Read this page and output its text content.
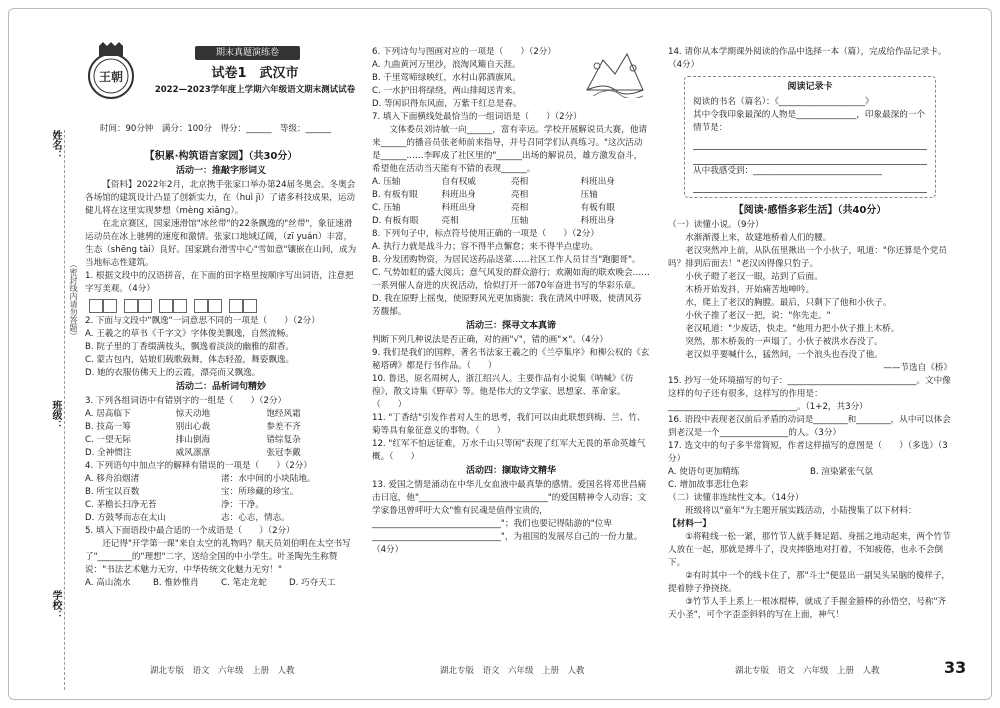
姓名：
（密封线内请勿答题）
班级：
学校：
王朝
期末真题演练卷
试卷1　武汉市
2022—2023学年度上学期六年级语文期末测试试卷
时间：90分钟　满分：100分　得分：______　等级：______
【积累·构筑语言家园】（共30分）
活动一：推敲字形词义

【资料】2022年2月，北京携手张家口举办第24届冬奥会。冬奥会各场馆的建筑设计凸显了创新实力，在（huì jì）了诸多科技成果，运动健儿将在这里实现梦想（mèng xiǎng）。

在北京赛区，国家速滑馆"冰丝带"的22条飘逸的"丝带"，象征速滑运动员在冰上驰骋的速度和激情。张家口地域辽阔，（zī yuán）丰富，生态（shēng tài）良好。国家跳台滑雪中心"雪如意"镶嵌在山间，成为当地标志性建筑。

1. 根据文段中的汉语拼音，在下面的田字格里按顺序写出词语，注意把字写美观。（4分）

2. 下面与文段中"飘逸"一词意思不同的一项是（　　）（2分）

A. 王羲之的草书《千字文》字体俊美飘逸，自然流畅。

B. 院子里的丁香缀满枝头，飘逸着淡淡的幽雅的甜香。

C. 蒙古包内，姑娘们载歌载舞，体态轻盈，舞姿飘逸。

D. 她的衣服仿佛天上的云霞，漂亮而又飘逸。

活动二：品析词句精妙

3. 下列各组词语中有错别字的一组是（　　）（2分）

A. 居高临下	惊天动地	饱经风霜
B. 技高一筹	别出心裁	参差不齐
C. 一望无际	排山倒海	错综复杂
D. 全神惯注	威风凛凛	张冠李戴

4. 下列语句中加点字的解释有错误的一项是（　　）（2分）

A. 移舟泊烟渚	渚：水中间的小块陆地。
B. 所宝以百数	宝：所珍藏的珍宝。
C. 茅檐长扫净无苔	净：干净。
D. 方鼓琴而志在太山	志：心志，情志。

5. 填入下面语段中最合适的一个成语是（　　）（2分）

还记得"开学第一课"来自太空的礼物吗？航天员刘伯明在太空书写了"________的"理想"二字，送给全国的中小学生。叶圣陶先生称赞说："书法艺术魅力无穷，中华传统文化魅力无穷！"

A. 高山流水	B. 惟妙惟肖	C. 笔走龙蛇	D. 巧夺天工

6. 下列诗句与图画对应的一项是（　　）（2分）

A. 九曲黄河万里沙，浪淘风簸自天涯。

B. 千里莺啼绿映红，水村山郭酒旗风。

C. 一水护田将绿绕，两山排闼送青来。

D. 等闲识得东风面，万紫千红总是春。

7. 填入下面横线处最恰当的一组词语是（　　）（2分）

文体委员刘诗敏一向______，富有幸运。学校开展解说员大赛，他请来______的播音员张老师前来指导，并号召同学们认真练习。"这次活动是______……李晖成了社区里的"______出场的解说员，雄方激发奋斗，希望他在活动当天能有不错的表现______。

A. 压轴	自有权威	亮相	科班出身
B. 有板有眼	科班出身	亮相	压轴
C. 压轴	科班出身	亮相	有板有眼
D. 有板有眼	亮相	压轴	科班出身

8. 下列句子中，标点符号使用正确的一项是（　　）（2分）

A. 执行力就是战斗力；容不得半点懈怠；来不得半点虚功。

B. 分发团购物资，为居民送药品送菜……社区工作人员甘当"跑腿哥"。

C. 气势如虹的盛大阅兵；意气风发的群众游行；欢潮如海的联欢晚会……一系列催人奋进的庆祝活动，恰似打开一部70年奋进书写的华彩乐章。

D. 我在原野上摇曳，使原野风光更加旖旎；我在清风中呼吸，使清风芬芳馥郁。

活动三：探寻文本真谛

判断下列几种说法是否正确，对的画"√"，错的画"×"。（4分）

9. 我们是我们的国粹，著名书法家王羲之的《兰亭集序》和柳公权的《玄秘塔碑》都是行书作品。（　　）

10. 鲁迅，原名周树人，浙江绍兴人。主要作品有小说集《呐喊》《彷徨》，散文诗集《野草》等。他是伟大的文学家、思想家、革命家。（　　）

11. "丁香结"引发作者对人生的思考，我们可以由此联想到梅、兰、竹、菊等具有象征意义的事物。（　　）

12. "红军不怕远征难，万水千山只等闲"表现了红军大无畏的革命英雄气概。（　　）

活动四：撷取诗文精华

13. 爱国之情是涌动在中华儿女血液中最真挚的感情。爱国名将邓世昌痛击日寇，他"______________________________"的爱国精神令人动容；文学家鲁迅曾呼吁大众"惟有民魂是值得宝贵的，______________________________"；我们也要记得陆游的"位卑______________________________"，为祖国的发展尽自己的一份力量。（4分）

14. 请你从本学期课外阅读的作品中选择一本（篇），完成给作品记录卡。（4分）

阅读记录卡

阅读的书名（篇名）：《____________________》

其中令我印象最深的人物是______________，印象最深的一个情节是：

从中我感受到：______________________________

【阅读·感悟多彩生活】（共40分）

（一）读懂小说。（9分）

水渐渐漫上来，故建地桥着人们的腰。

老汉突然冲上前，从队伍里揪出一个小伙子，吼道："你还算是个党员吗？排到后面去！"老汉凶得像只豹子。

小伙子瞪了老汉一眼，站到了后面。

木桥开始发抖，开始痛苦地呻吟。

水，爬上了老汉的胸膛。最后，只剩下了他和小伙子。

小伙子推了老汉一把，说："你先走。"

老汉吼道："少废话，快走。"他用力把小伙子推上木桥。

突然，那木桥轰的一声塌了。小伙子被洪水吞没了。

老汉似乎要喊什么，猛然间，一个浪头也吞没了他。

——节选自《桥》

15. 抄写一处环境描写的句子：______________________________。文中像这样的句子还有很多，这样写的作用是：______________________________。（1+2，共3分）

16. 语段中表现老汉前后矛盾的动词是________和________，从中可以体会到老汉是一个________________的人。（3分）

17. 选文中的句子多半常简短，作者这样描写的意图是（　　）（多选）（3分）

A. 使语句更加精练	B. 渲染紧张气氛
C. 增加故事悲壮色彩

（二）读懂非连续性文本。（14分）

班级将以"童年"为主题开展实践活动，小陆搜集了以下材料：

【材料一】

①将鞋线一松一紧，那竹节人就手舞足蹈、身摇之地动起来，两个竹节人放在一起，那就是搏斗了，没夹摔胳地对打着，不知疲倦，也永不会倒下。

②有时其中一个的线卡住了，那"斗士"便显出一副吴头呆脑的傻样子，提着脖子挣挠挠。

③竹节人手上系上一根冰棍棒，就成了手握金箍棒的孙悟空，号称"齐天小圣"，可个字歪歪斜斜的写在上面，神气！

湖北专版　语文　六年级　上册　人教	湖北专版　语文　六年级　上册　人教	湖北专版　语文　六年级　上册　人教	33
